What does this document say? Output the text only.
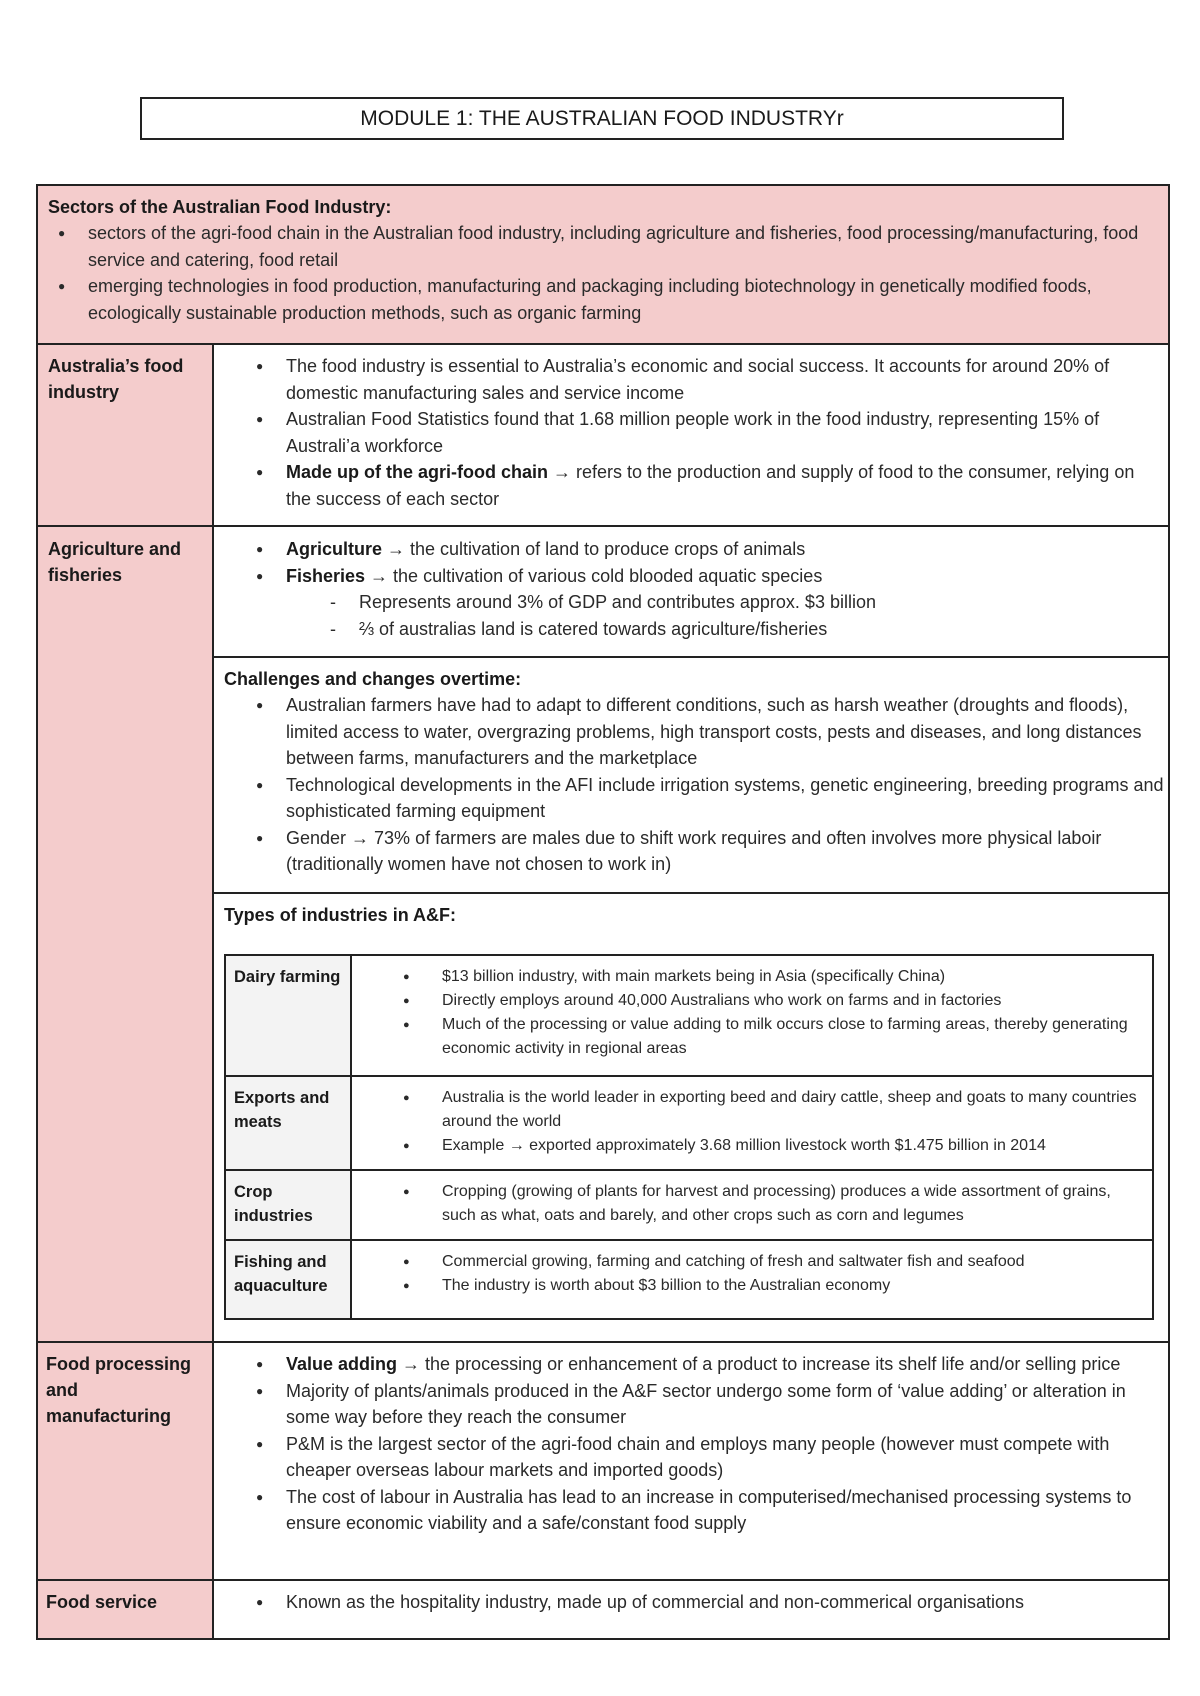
MODULE 1: THE AUSTRALIAN FOOD INDUSTRYr
Sectors of the Australian Food Industry:
● sectors of the agri-food chain in the Australian food industry, including agriculture and fisheries, food processing/manufacturing, food service and catering, food retail
● emerging technologies in food production, manufacturing and packaging including biotechnology in genetically modified foods, ecologically sustainable production methods, such as organic farming
Australia’s food industry
● The food industry is essential to Australia’s economic and social success. It accounts for around 20% of domestic manufacturing sales and service income
● Australian Food Statistics found that 1.68 million people work in the food industry, representing 15% of Australi’a workforce
● Made up of the agri-food chain → refers to the production and supply of food to the consumer, relying on the success of each sector
Agriculture and fisheries
● Agriculture → the cultivation of land to produce crops of animals
● Fisheries → the cultivation of various cold blooded aquatic species
- Represents around 3% of GDP and contributes approx. $3 billion
- ⅔ of australias land is catered towards agriculture/fisheries
Challenges and changes overtime:
● Australian farmers have had to adapt to different conditions, such as harsh weather (droughts and floods), limited access to water, overgrazing problems, high transport costs, pests and diseases, and long distances between farms, manufacturers and the marketplace
● Technological developments in the AFI include irrigation systems, genetic engineering, breeding programs and sophisticated farming equipment
● Gender → 73% of farmers are males due to shift work requires and often involves more physical laboir (traditionally women have not chosen to work in)
Types of industries in A&F:
Dairy farming	● $13 billion industry, with main markets being in Asia (specifically China)
● Directly employs around 40,000 Australians who work on farms and in factories
● Much of the processing or value adding to milk occurs close to farming areas, thereby generating economic activity in regional areas
Exports and meats
● Australia is the world leader in exporting beed and dairy cattle, sheep and goats to many countries around the world
● Example → exported approximately 3.68 million livestock worth $1.475 billion in 2014
Crop industries
● Cropping (growing of plants for harvest and processing) produces a wide assortment of grains, such as what, oats and barely, and other crops such as corn and legumes
Fishing and aquaculture
● Commercial growing, farming and catching of fresh and saltwater fish and seafood
● The industry is worth about $3 billion to the Australian economy
Food processing and manufacturing
● Value adding → the processing or enhancement of a product to increase its shelf life and/or selling price
● Majority of plants/animals produced in the A&F sector undergo some form of ‘value adding’ or alteration in some way before they reach the consumer
● P&M is the largest sector of the agri-food chain and employs many people (however must compete with cheaper overseas labour markets and imported goods)
● The cost of labour in Australia has lead to an increase in computerised/mechanised processing systems to ensure economic viability and a safe/constant food supply
Food service	● Known as the hospitality industry, made up of commercial and non-commerical organisations
